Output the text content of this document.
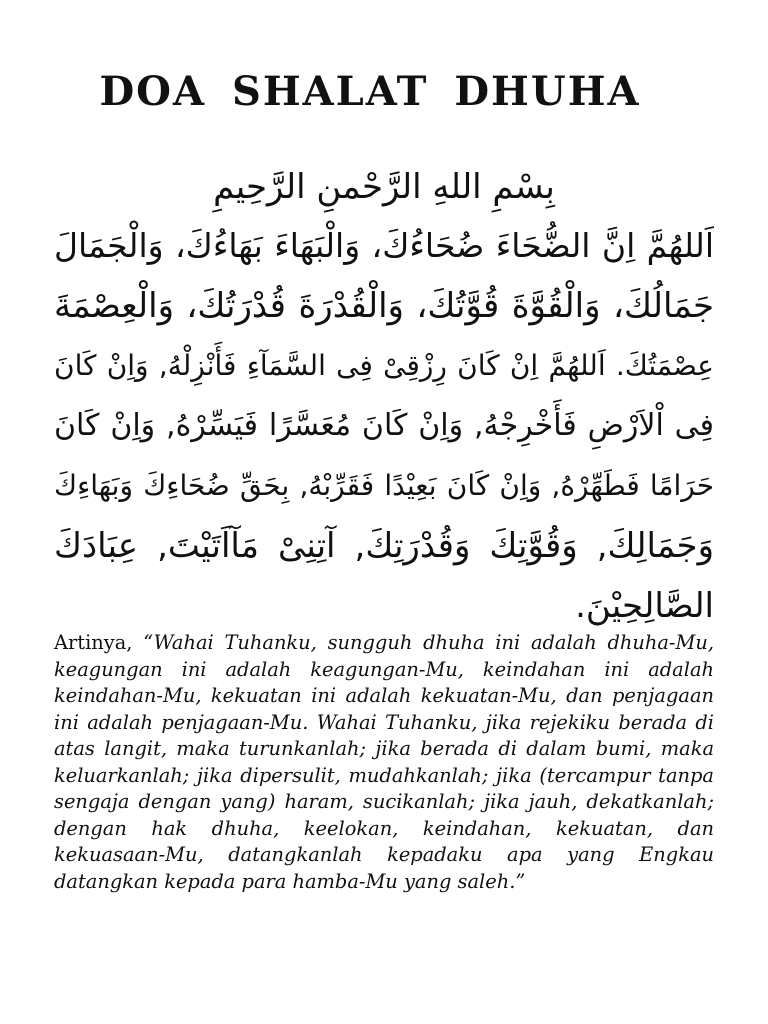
DOA SHALAT DHUHA

بِسْمِ اللهِ الرَّحْمنِ الرَّحِيمِ

اَللهُمَّ اِنَّ الضُّحَاءَ ضُحَاءُكَ، وَالْبَهَاءَ بَهَاءُكَ، وَالْجَمَالَ

جَمَالُكَ، وَالْقُوَّةَ قُوَّتُكَ، وَالْقُدْرَةَ قُدْرَتُكَ، وَالْعِصْمَةَ

عِصْمَتُكَ. اَللهُمَّ اِنْ كَانَ رِزْقِىْ فِى السَّمَآءِ فَأَنْزِلْهُ, وَاِنْ كَانَ

فِى اْلاَرْضِ فَأَخْرِجْهُ, وَاِنْ كَانَ مُعَسَّرًا فَيَسِّرْهُ, وَاِنْ كَانَ

حَرَامًا فَطَهِّرْهُ, وَاِنْ كَانَ بَعِيْدًا فَقَرِّبْهُ, بِحَقِّ ضُحَاءِكَ وَبَهَاءِكَ

وَجَمَالِكَ, وَقُوَّتِكَ وَقُدْرَتِكَ, آتِنِىْ مَآاَتَيْتَ, عِبَادَكَ

الصَّالِحِيْنَ.

Artinya, “Wahai Tuhanku, sungguh dhuha ini adalah dhuha-Mu, keagungan ini adalah keagungan-Mu, keindahan ini adalah keindahan-Mu, kekuatan ini adalah kekuatan-Mu, dan penjagaan ini adalah penjagaan-Mu. Wahai Tuhanku, jika rejekiku berada di atas langit, maka turunkanlah; jika berada di dalam bumi, maka keluarkanlah; jika dipersulit, mudahkanlah; jika (tercampur tanpa sengaja dengan yang) haram, sucikanlah; jika jauh, dekatkanlah; dengan hak dhuha, keelokan, keindahan, kekuatan, dan kekuasaan-Mu, datangkanlah kepadaku apa yang Engkau datangkan kepada para hamba-Mu yang saleh.”
